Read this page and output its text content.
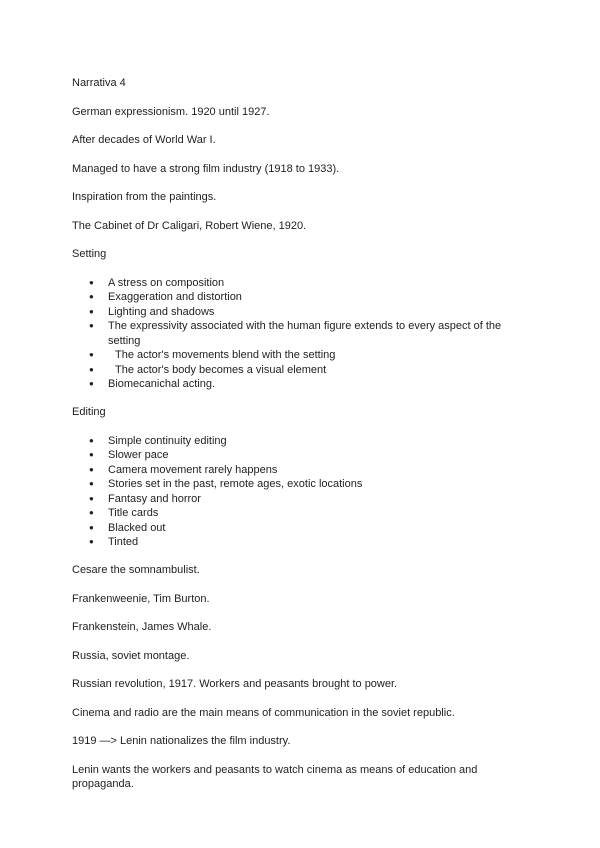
Narrativa 4

German expressionism. 1920 until 1927.

After decades of World War I.

Managed to have a strong film industry (1918 to 1933).

Inspiration from the paintings.

The Cabinet of Dr Caligari, Robert Wiene, 1920.

Setting

● A stress on composition
● Exaggeration and distortion
● Lighting and shadows
● The expressivity associated with the human figure extends to every aspect of the setting
● The actor's movements blend with the setting
● The actor's body becomes a visual element
● Biomecanichal acting.

Editing

● Simple continuity editing
● Slower pace
● Camera movement rarely happens
● Stories set in the past, remote ages, exotic locations
● Fantasy and horror
● Title cards
● Blacked out
● Tinted

Cesare the somnambulist.

Frankenweenie, Tim Burton.

Frankenstein, James Whale.

Russia, soviet montage.

Russian revolution, 1917. Workers and peasants brought to power.

Cinema and radio are the main means of communication in the soviet republic.

1919 —> Lenin nationalizes the film industry.

Lenin wants the workers and peasants to watch cinema as means of education and propaganda.
